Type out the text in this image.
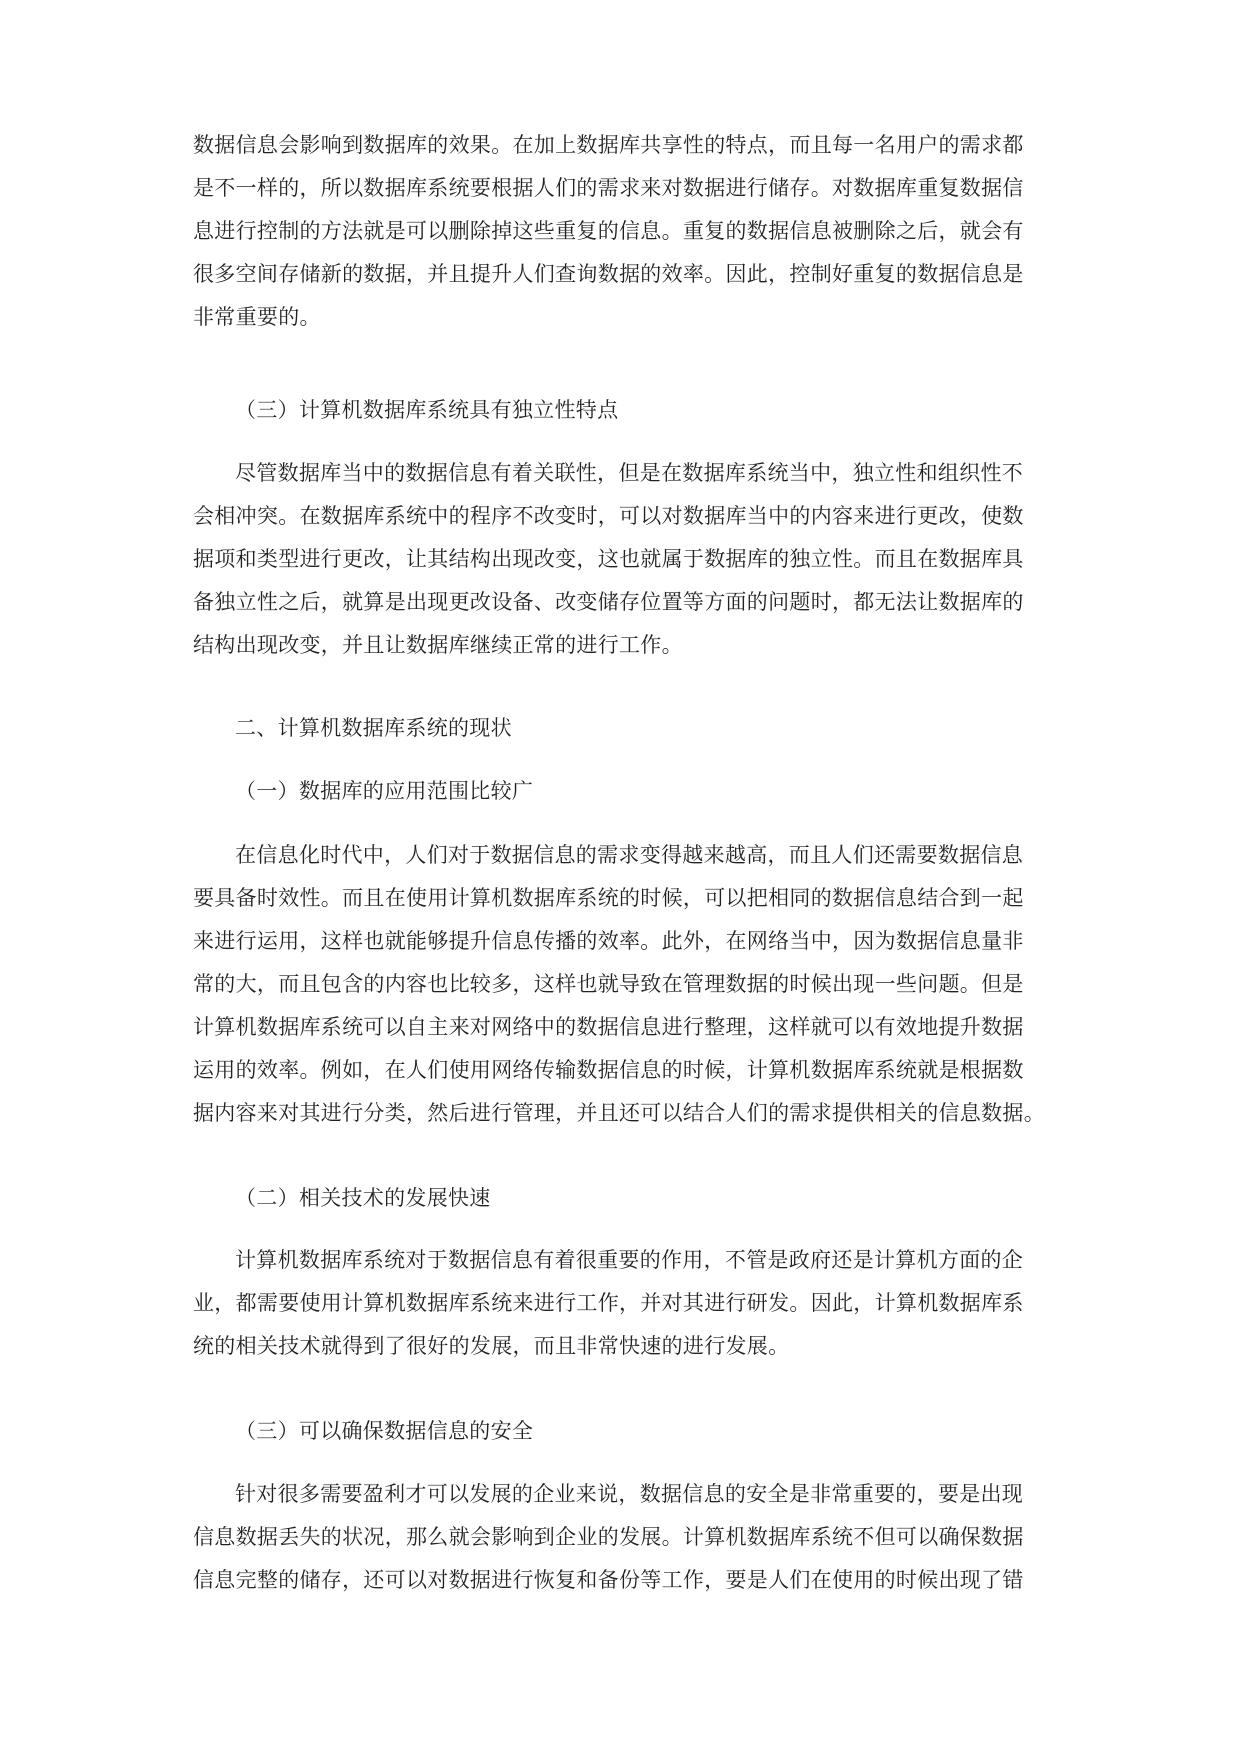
数据信息会影响到数据库的效果。在加上数据库共享性的特点，而且每一名用户的需求都
是不一样的，所以数据库系统要根据人们的需求来对数据进行储存。对数据库重复数据信
息进行控制的方法就是可以删除掉这些重复的信息。重复的数据信息被删除之后，就会有
很多空间存储新的数据，并且提升人们查询数据的效率。因此，控制好重复的数据信息是
非常重要的。
（三）计算机数据库系统具有独立性特点
尽管数据库当中的数据信息有着关联性，但是在数据库系统当中，独立性和组织性不
会相冲突。在数据库系统中的程序不改变时，可以对数据库当中的内容来进行更改，使数
据项和类型进行更改，让其结构出现改变，这也就属于数据库的独立性。而且在数据库具
备独立性之后，就算是出现更改设备、改变储存位置等方面的问题时，都无法让数据库的
结构出现改变，并且让数据库继续正常的进行工作。
二、计算机数据库系统的现状
（一）数据库的应用范围比较广
在信息化时代中，人们对于数据信息的需求变得越来越高，而且人们还需要数据信息
要具备时效性。而且在使用计算机数据库系统的时候，可以把相同的数据信息结合到一起
来进行运用，这样也就能够提升信息传播的效率。此外，在网络当中，因为数据信息量非
常的大，而且包含的内容也比较多，这样也就导致在管理数据的时候出现一些问题。但是
计算机数据库系统可以自主来对网络中的数据信息进行整理，这样就可以有效地提升数据
运用的效率。例如，在人们使用网络传输数据信息的时候，计算机数据库系统就是根据数
据内容来对其进行分类，然后进行管理，并且还可以结合人们的需求提供相关的信息数据。
（二）相关技术的发展快速
计算机数据库系统对于数据信息有着很重要的作用，不管是政府还是计算机方面的企
业，都需要使用计算机数据库系统来进行工作，并对其进行研发。因此，计算机数据库系
统的相关技术就得到了很好的发展，而且非常快速的进行发展。
（三）可以确保数据信息的安全
针对很多需要盈利才可以发展的企业来说，数据信息的安全是非常重要的，要是出现
信息数据丢失的状况，那么就会影响到企业的发展。计算机数据库系统不但可以确保数据
信息完整的储存，还可以对数据进行恢复和备份等工作，要是人们在使用的时候出现了错
